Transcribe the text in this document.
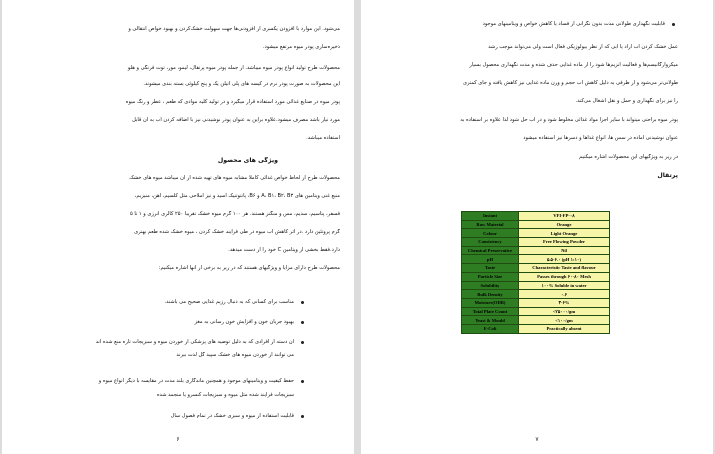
می‌شود. این موارد با افزودن یکسری از افزودنی‌ها جهت سهولت خشک‌کردن و بهبود خواص انتقالی و
ذخیره‌سازی پودر میوه مرتفع میشود.
محصولات طرح تولید انواع پودر میوه میباشد. از جمله پودر میوه پرتقال، لیمو، موز، توت فرنگی و هلو
این محصولات به صورت پودر نرم در کیسه های پلی اتیلن یک و پنج کیلوئی بسته بندی میشوند.
پودر میوه در صنایع غذائی مورد استفاده قرار میگیرد و در تولید کلیه موادی که طعم ، عطر و رنگ میوه
مورد نیاز باشد مصرف میشود.علاوه براین به عنوان پودر نوشیدنی نیز با اضافه کردن آب به آن قابل
استفاده میباشد.
ویژگی های محصول
محصولات طرح از لحاظ خواص غذائی کاملا مشابه میوه های تهیه شده از آن میباشد میوه های خشک
منبع غنی ویتامین های A، B۱، B۲، B۳ و B۶، پانتوتنیک اسید و نیز املاحی مثل کلسیم، آهن، منیزیم،
فسفر، پتاسیم، سدیم، مس و منگنز هستند. هر ۱۰۰ گرم میوه خشک تقریباً ۲۵۰ کالری انرژی و ۱ تا ۵
گرم پروتئین دارد .در اثر کاهش آب میوه در طی فرآیند خشک کردن ، میوه خشک شده طعم بهتری
دارد.فقط بخشی از ویتامین C خود را از دست میدهد.
محصولات طرح دارای مزایا و ویژگیهای هستند که در زیر به برخی از آنها اشاره میکنیم:
مناسب برای کسانی که به دنبال رژیم غذایی صحیح می باشند.
بهبود جریان خون و افزایش خون رسانی به مغز
آن دسته از افرادی که به دلیل توصیه های پزشکی از خوردن میوه و سبزیجات تازه منع شده اند
می توانند از خوردن میوه های خشک سپید گل لذت ببرند
حفظ کیفیت و ویتامینهای موجود و همچنین ماندگاری بلند مدت در مقایسه با دیگر انواع میوه و
سبزیجات فرآیند شده مثل میوه و سبزیجات کنسرو یا منجمد شده
قابلیت استفاده از میوه و سبزی خشک در تمام فصول سال
۶
قابلیت نگهداری طولانی مدت بدون نگرانی از فساد یا کاهش خواص و ویتامینهای موجود
عمل خشک کردن آب آزاد یا آبی که از نظر بیولوژیکی فعال است ولی می‌تواند موجب رشد
میکروارگانیسم‌ها و فعالیت آنزیم‌ها شود را از ماده غذایی حذف شده و مدت نگهداری محصول بسیار
طولانی‌تر می‌شود و از طرفی به دلیل کاهش آب حجم و وزن ماده غذایی نیز کاهش یافته و جای کمتری
را نیز برای نگهداری و حمل و نقل اشغال می‌کند.
پودر میوه براحتی میتواند با سایر اجزا مواد غذائی مخلوط شود و در آب حل شود لذا علاوه بر استفاده به
عنوان نوشیدنی آماده در سس ها، انواع غذاها و دسرها نیز استفاده میشود
در زیر به ویژگیهای این محصولات اشاره میکنیم
پرتقال
Instant	VFI-FP-۰۸
Raw Material	Orange
Colour	Light Orange
Consistency	Free Flowing Powder
Chemical Preservative	Nil
pH	۵.۵-۶.۰ (pH ۱:۱۰)
Taste	Characteristic Taste and flavour
Particle Size	Passes through ۶۰-۸۰ Mesh
Solubility	۱۰۰% Soluble in water
Bulk Density	۰.۶
Moisture(ODB)	۳-۶%
Total Plate Count	<۲۵۰۰۰/gm
Yeast & Mould	<۱۰۰/gm
E-Coli	Practically absent
۷
